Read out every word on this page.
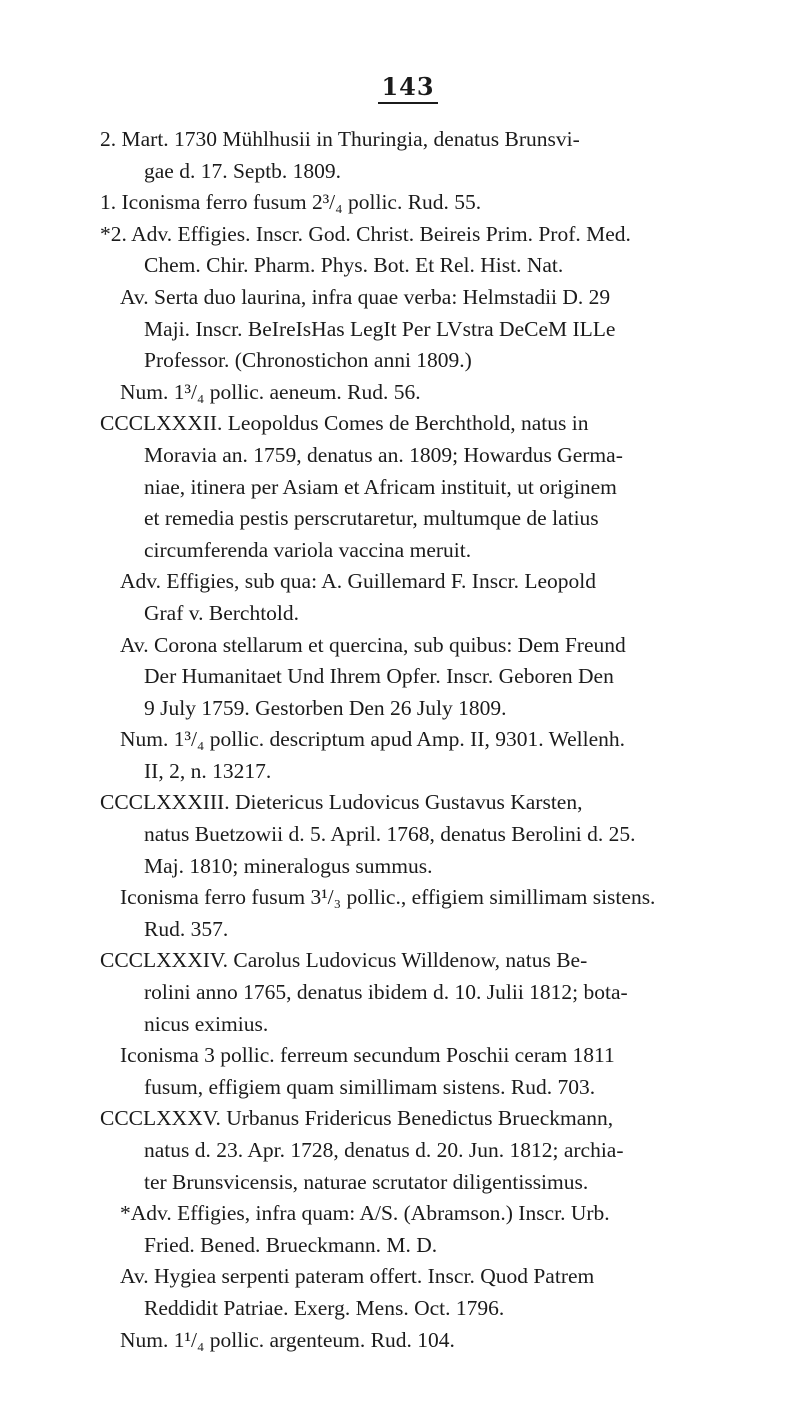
143
2. Mart. 1730 Mühlhusii in Thuringia, denatus Brunsvi-
gae d. 17. Septb. 1809.
1. Iconisma ferro fusum 2³/₄ pollic. Rud. 55.
*2. Adv. Effigies. Inscr. God. Christ. Beireis Prim. Prof. Med.
Chem. Chir. Pharm. Phys. Bot. Et Rel. Hist. Nat.
Av. Serta duo laurina, infra quae verba: Helmstadii D. 29
Maji. Inscr. BeIreIsHas LegIt Per LVstra DeCeM ILLe
Professor. (Chronostichon anni 1809.)
Num. 1³/₄ pollic. aeneum. Rud. 56.
CCCLXXXII. Leopoldus Comes de Berchthold, natus in
Moravia an. 1759, denatus an. 1809; Howardus Germa-
niae, itinera per Asiam et Africam instituit, ut originem
et remedia pestis perscrutaretur, multumque de latius
circumferenda variola vaccina meruit.
Adv. Effigies, sub qua: A. Guillemard F. Inscr. Leopold
Graf v. Berchtold.
Av. Corona stellarum et quercina, sub quibus: Dem Freund
Der Humanitaet Und Ihrem Opfer. Inscr. Geboren Den
9 July 1759. Gestorben Den 26 July 1809.
Num. 1³/₄ pollic. descriptum apud Amp. II, 9301. Wellenh.
II, 2, n. 13217.
CCCLXXXIII. Dietericus Ludovicus Gustavus Karsten,
natus Buetzowii d. 5. April. 1768, denatus Berolini d. 25.
Maj. 1810; mineralogus summus.
Iconisma ferro fusum 3¹/₃ pollic., effigiem simillimam sistens.
Rud. 357.
CCCLXXXIV. Carolus Ludovicus Willdenow, natus Be-
rolini anno 1765, denatus ibidem d. 10. Julii 1812; bota-
nicus eximius.
Iconisma 3 pollic. ferreum secundum Poschii ceram 1811
fusum, effigiem quam simillimam sistens. Rud. 703.
CCCLXXXV. Urbanus Fridericus Benedictus Brueckmann,
natus d. 23. Apr. 1728, denatus d. 20. Jun. 1812; archia-
ter Brunsvicensis, naturae scrutator diligentissimus.
*Adv. Effigies, infra quam: A/S. (Abramson.) Inscr. Urb.
Fried. Bened. Brueckmann. M. D.
Av. Hygiea serpenti pateram offert. Inscr. Quod Patrem
Reddidit Patriae. Exerg. Mens. Oct. 1796.
Num. 1¹/₄ pollic. argenteum. Rud. 104.
